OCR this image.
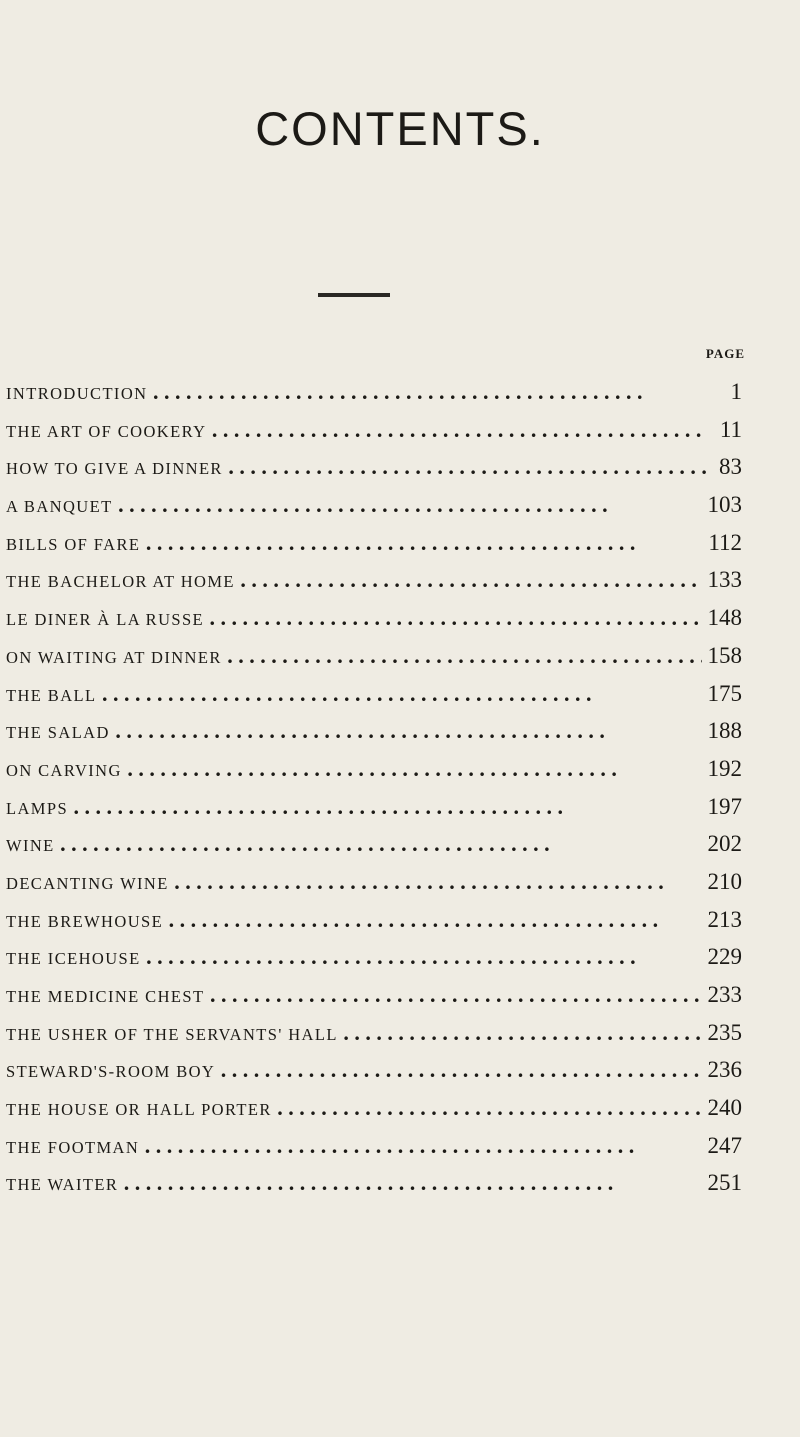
CONTENTS.
PAGE
INTRODUCTION . . .	1
THE ART OF COOKERY . . .	11
HOW TO GIVE A DINNER . . .	83
A BANQUET . . .	103
BILLS OF FARE . . .	112
THE BACHELOR AT HOME . . .	133
LE DINER À LA RUSSE . . .	148
ON WAITING AT DINNER . . .	158
THE BALL . . .	175
THE SALAD . . .	188
ON CARVING . . .	192
LAMPS . . .	197
WINE . . .	202
DECANTING WINE . . .	210
THE BREWHOUSE . . .	213
THE ICEHOUSE . . .	229
THE MEDICINE CHEST . . .	233
THE USHER OF THE SERVANTS' HALL . . .	235
STEWARD'S-ROOM BOY . . .	236
THE HOUSE OR HALL PORTER . . .	240
THE FOOTMAN . . .	247
THE WAITER . . .	251
